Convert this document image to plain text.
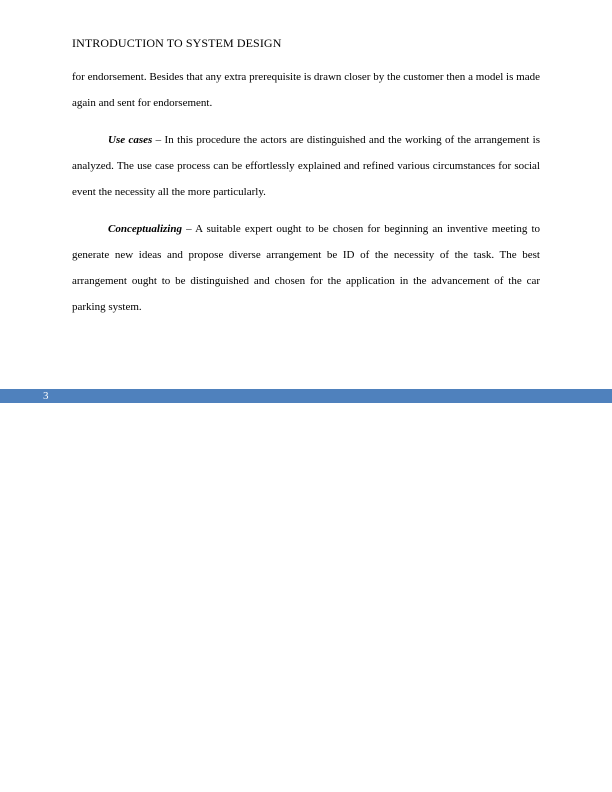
INTRODUCTION TO SYSTEM DESIGN

for endorsement. Besides that any extra prerequisite is drawn closer by the customer then a model is made again and sent for endorsement.

Use cases – In this procedure the actors are distinguished and the working of the arrangement is analyzed. The use case process can be effortlessly explained and refined various circumstances for social event the necessity all the more particularly.

Conceptualizing – A suitable expert ought to be chosen for beginning an inventive meeting to generate new ideas and propose diverse arrangement be ID of the necessity of the task. The best arrangement ought to be distinguished and chosen for the application in the advancement of the car parking system.

3
